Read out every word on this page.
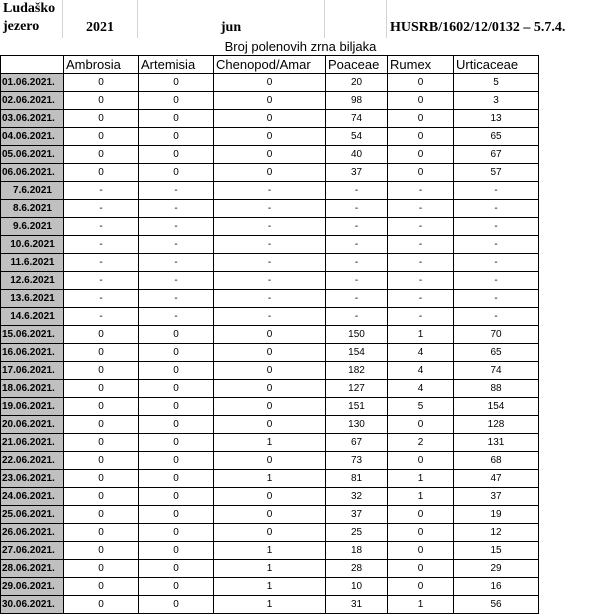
Ludaško
jezero	2021	jun	HUSRB/1602/12/0132 – 5.7.4.
Broj polenovih zrna biljaka
	Ambrosia	Artemisia	Chenopod/Amar	Poaceae	Rumex	Urticaceae
01.06.2021.	0	0	0	20	0	5
02.06.2021.	0	0	0	98	0	3
03.06.2021.	0	0	0	74	0	13
04.06.2021.	0	0	0	54	0	65
05.06.2021.	0	0	0	40	0	67
06.06.2021.	0	0	0	37	0	57
7.6.2021	-	-	-	-	-	-
8.6.2021	-	-	-	-	-	-
9.6.2021	-	-	-	-	-	-
10.6.2021	-	-	-	-	-	-
11.6.2021	-	-	-	-	-	-
12.6.2021	-	-	-	-	-	-
13.6.2021	-	-	-	-	-	-
14.6.2021	-	-	-	-	-	-
15.06.2021.	0	0	0	150	1	70
16.06.2021.	0	0	0	154	4	65
17.06.2021.	0	0	0	182	4	74
18.06.2021.	0	0	0	127	4	88
19.06.2021.	0	0	0	151	5	154
20.06.2021.	0	0	0	130	0	128
21.06.2021.	0	0	1	67	2	131
22.06.2021.	0	0	0	73	0	68
23.06.2021.	0	0	1	81	1	47
24.06.2021.	0	0	0	32	1	37
25.06.2021.	0	0	0	37	0	19
26.06.2021.	0	0	0	25	0	12
27.06.2021.	0	0	1	18	0	15
28.06.2021.	0	0	1	28	0	29
29.06.2021.	0	0	1	10	0	16
30.06.2021.	0	0	1	31	1	56
